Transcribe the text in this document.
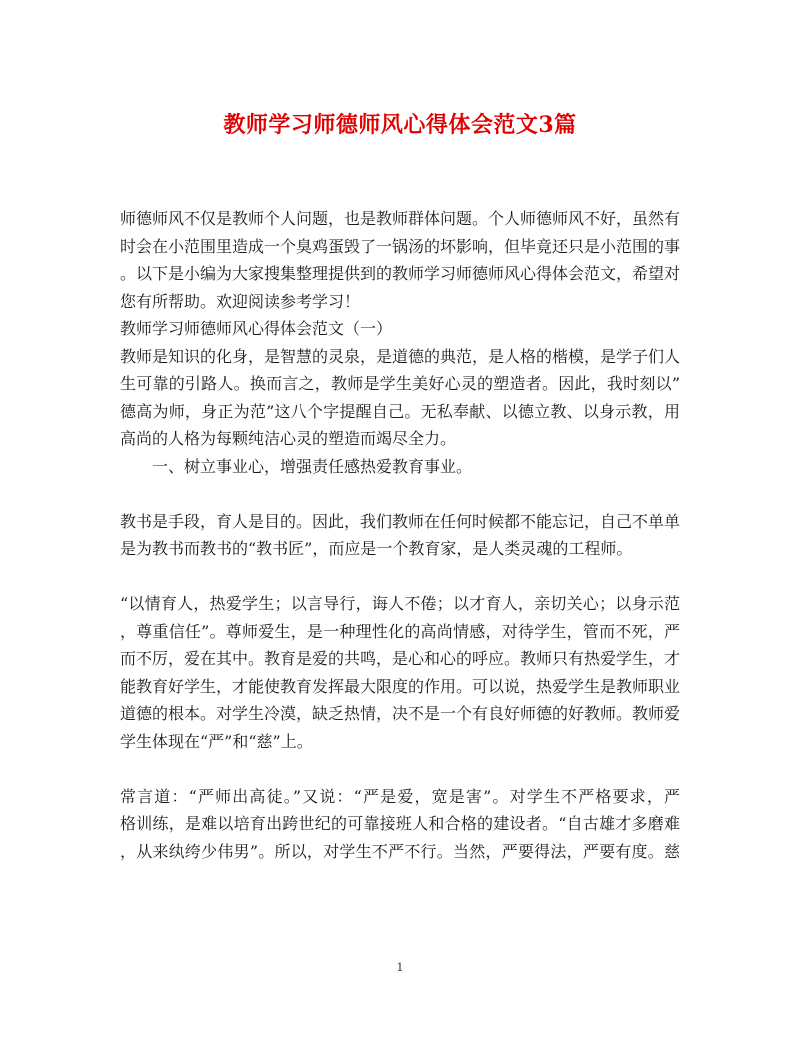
教师学习师德师风心得体会范文3篇
师德师风不仅是教师个人问题，也是教师群体问题。个人师德师风不好，虽然有
时会在小范围里造成一个臭鸡蛋毁了一锅汤的坏影响，但毕竟还只是小范围的事
。以下是小编为大家搜集整理提供到的教师学习师德师风心得体会范文，希望对
您有所帮助。欢迎阅读参考学习！
教师学习师德师风心得体会范文（一）
教师是知识的化身，是智慧的灵泉，是道德的典范，是人格的楷模，是学子们人
生可靠的引路人。换而言之，教师是学生美好心灵的塑造者。因此，我时刻以”
德高为师，身正为范”这八个字提醒自己。无私奉献、以德立教、以身示教，用
高尚的人格为每颗纯洁心灵的塑造而竭尽全力。
一、树立事业心，增强责任感热爱教育事业。
教书是手段，育人是目的。因此，我们教师在任何时候都不能忘记，自己不单单
是为教书而教书的“教书匠”，而应是一个教育家，是人类灵魂的工程师。
“以情育人，热爱学生；以言导行，诲人不倦；以才育人，亲切关心；以身示范
，尊重信任”。尊师爱生，是一种理性化的高尚情感，对待学生，管而不死，严
而不厉，爱在其中。教育是爱的共鸣，是心和心的呼应。教师只有热爱学生，才
能教育好学生，才能使教育发挥最大限度的作用。可以说，热爱学生是教师职业
道德的根本。对学生冷漠，缺乏热情，决不是一个有良好师德的好教师。教师爱
学生体现在“严”和“慈”上。
常言道：“严师出高徒。”又说：“严是爱，宽是害”。对学生不严格要求，严
格训练，是难以培育出跨世纪的可靠接班人和合格的建设者。“自古雄才多磨难
，从来纨绔少伟男”。所以，对学生不严不行。当然，严要得法，严要有度。慈
1
